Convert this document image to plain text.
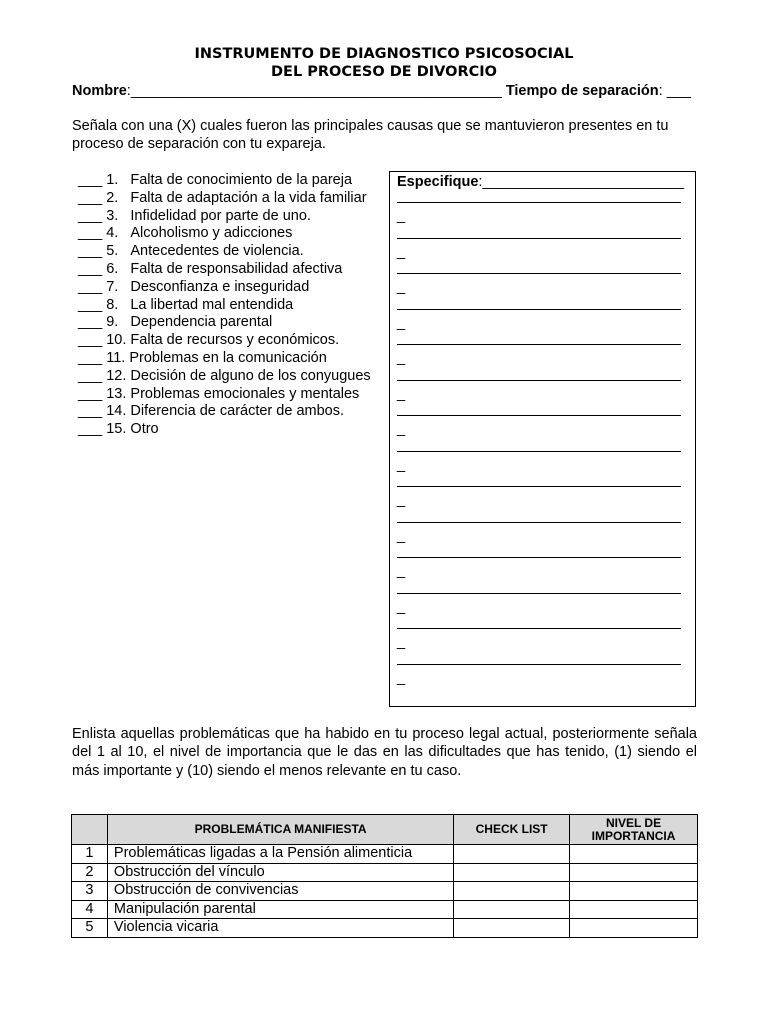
INSTRUMENTO DE DIAGNOSTICO PSICOSOCIAL
DEL PROCESO DE DIVORCIO
Nombre:______________________________________________ Tiempo de separación: ___
Señala con una (X) cuales fueron las principales causas que se mantuvieron presentes en tu proceso de separación con tu expareja.
___ 1. Falta de conocimiento de la pareja
___ 2. Falta de adaptación a la vida familiar
___ 3. Infidelidad por parte de uno.
___ 4. Alcoholismo y adicciones
___ 5. Antecedentes de violencia.
___ 6. Falta de responsabilidad afectiva
___ 7. Desconfianza e inseguridad
___ 8. La libertad mal entendida
___ 9. Dependencia parental
___ 10. Falta de recursos y económicos.
___ 11. Problemas en la comunicación
___ 12. Decisión de alguno de los conyugues
___ 13. Problemas emocionales y mentales
___ 14. Diferencia de carácter de ambos.
___ 15. Otro
Especifique:_________________________
_
_
_
_
_
_
_
_
_
_
_
_
_
_
Enlista aquellas problemáticas que ha habido en tu proceso legal actual, posteriormente señala del 1 al 10, el nivel de importancia que le das en las dificultades que has tenido, (1) siendo el más importante y (10) siendo el menos relevante en tu caso.
	PROBLEMÁTICA MANIFIESTA	CHECK LIST	NIVEL DE IMPORTANCIA
1	Problemáticas ligadas a la Pensión alimenticia		
2	Obstrucción del vínculo		
3	Obstrucción de convivencias		
4	Manipulación parental		
5	Violencia vicaria		
